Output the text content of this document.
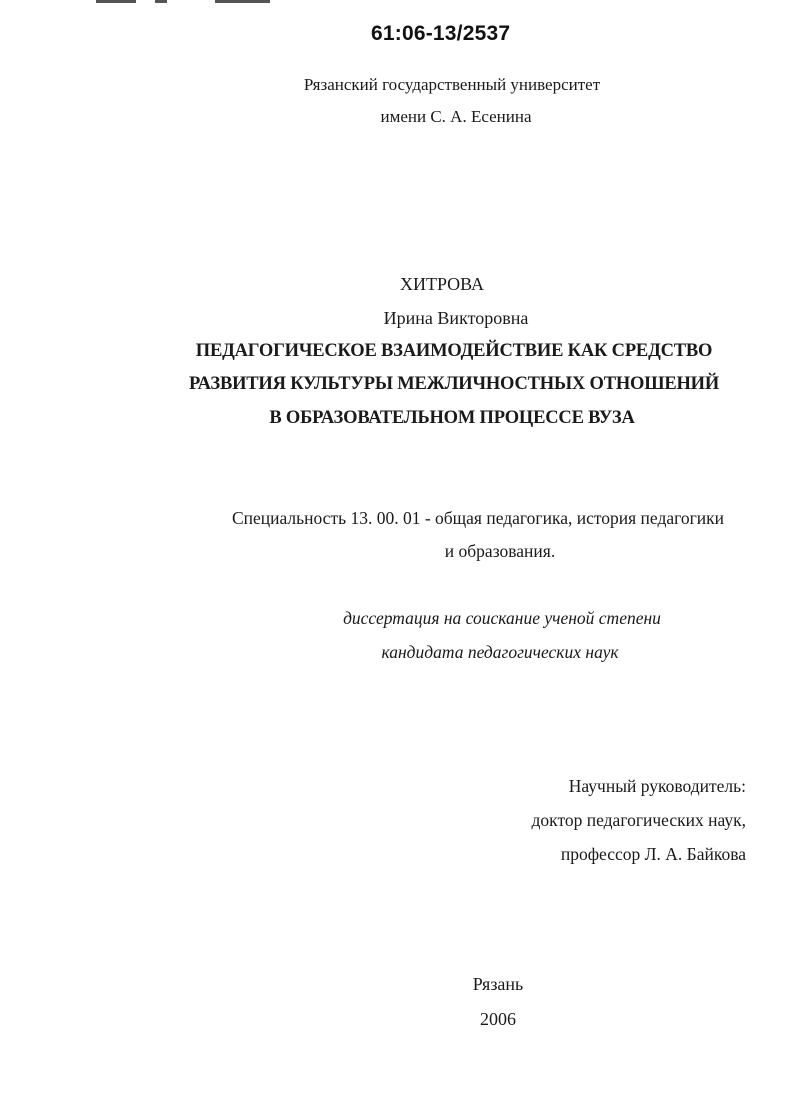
61:06-13/2537
Рязанский государственный университет
имени С. А. Есенина
ХИТРОВА
Ирина Викторовна
ПЕДАГОГИЧЕСКОЕ ВЗАИМОДЕЙСТВИЕ КАК СРЕДСТВО
РАЗВИТИЯ КУЛЬТУРЫ МЕЖЛИЧНОСТНЫХ ОТНОШЕНИЙ
В ОБРАЗОВАТЕЛЬНОМ ПРОЦЕССЕ ВУЗА
Специальность 13. 00. 01 - общая педагогика, история педагогики
и образования.
диссертация на соискание ученой степени
кандидата педагогических наук
Научный руководитель:
доктор педагогических наук,
профессор Л. А. Байкова
Рязань
2006
